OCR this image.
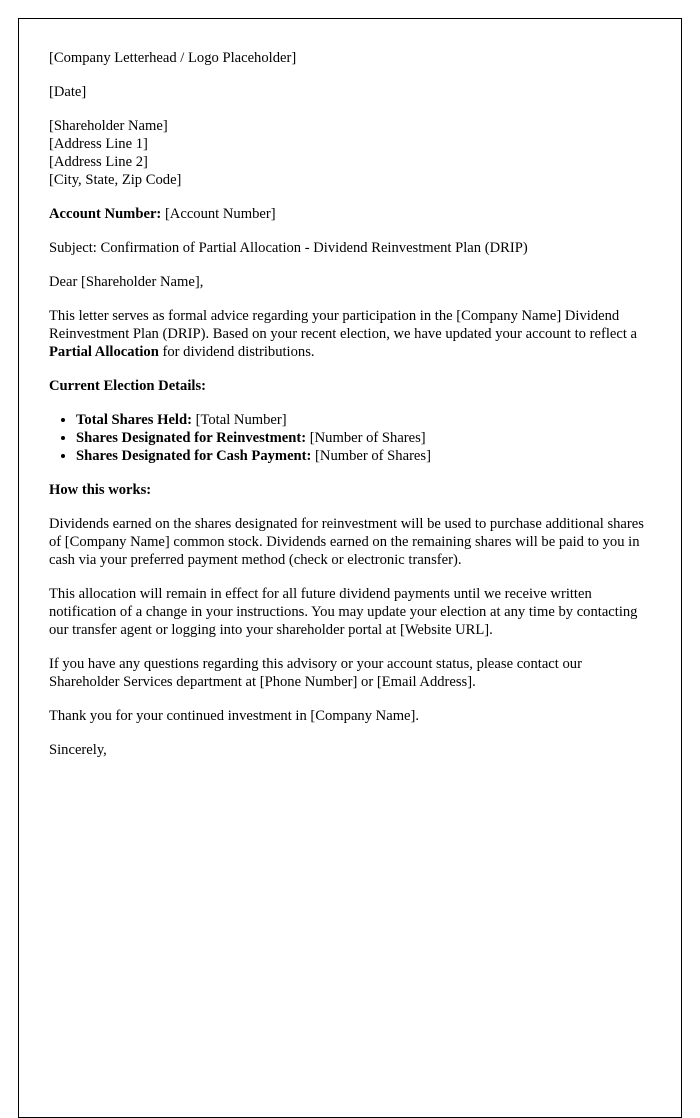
[Company Letterhead / Logo Placeholder]

[Date]

[Shareholder Name]
[Address Line 1]
[Address Line 2]
[City, State, Zip Code]

Account Number: [Account Number]

Subject: Confirmation of Partial Allocation - Dividend Reinvestment Plan (DRIP)

Dear [Shareholder Name],

This letter serves as formal advice regarding your participation in the [Company Name] Dividend Reinvestment Plan (DRIP). Based on your recent election, we have updated your account to reflect a Partial Allocation for dividend distributions.

Current Election Details:

• Total Shares Held: [Total Number]
• Shares Designated for Reinvestment: [Number of Shares]
• Shares Designated for Cash Payment: [Number of Shares]

How this works:

Dividends earned on the shares designated for reinvestment will be used to purchase additional shares of [Company Name] common stock. Dividends earned on the remaining shares will be paid to you in cash via your preferred payment method (check or electronic transfer).

This allocation will remain in effect for all future dividend payments until we receive written notification of a change in your instructions. You may update your election at any time by contacting our transfer agent or logging into your shareholder portal at [Website URL].

If you have any questions regarding this advisory or your account status, please contact our Shareholder Services department at [Phone Number] or [Email Address].

Thank you for your continued investment in [Company Name].

Sincerely,
